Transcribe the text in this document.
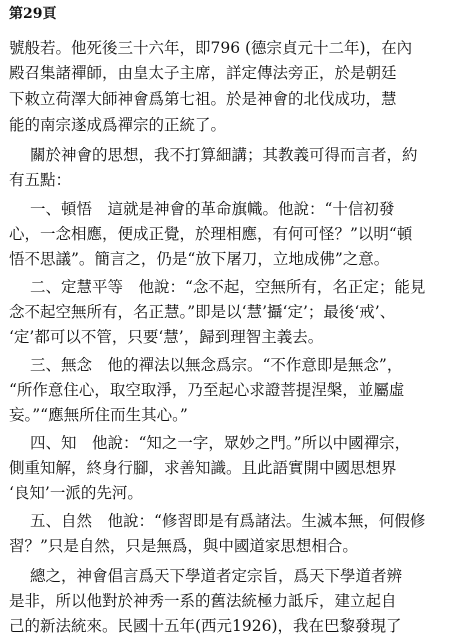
第29頁
號般若。他死後三十六年，即796 (德宗貞元十二年)，在內
殿召集諸禪師，由皇太子主席，詳定傳法旁正，於是朝廷
下敕立荷澤大師神會爲第七祖。於是神會的北伐成功，慧
能的南宗遂成爲禪宗的正統了。
關於神會的思想，我不打算細講；其教義可得而言者，約
有五點：
一、頓悟　這就是神會的革命旗幟。他說：“十信初發
心，一念相應，便成正覺，於理相應，有何可怪？”以明“頓
悟不思議”。簡言之，仍是“放下屠刀，立地成佛”之意。
二、定慧平等　他說：“念不起，空無所有，名正定；能見
念不起空無所有，名正慧。”即是以‘慧’攝‘定’；最後‘戒’、
‘定’都可以不管，只要‘慧’，歸到理智主義去。
三、無念　他的禪法以無念爲宗。“不作意即是無念”，
“所作意住心，取空取淨，乃至起心求證菩提涅槃，並屬虛
妄。”“應無所住而生其心。”
四、知　他說：“知之一字，眾妙之門。”所以中國禪宗，
側重知解，終身行腳，求善知識。且此語實開中國思想界
‘良知’一派的先河。
五、自然　他說：“修習即是有爲諸法。生滅本無，何假修
習？”只是自然，只是無爲，與中國道家思想相合。
總之，神會倡言爲天下學道者定宗旨，爲天下學道者辨
是非，所以他對於神秀一系的舊法統極力詆斥，建立起自
己的新法統來。民國十五年(西元1926)，我在巴黎發現了
